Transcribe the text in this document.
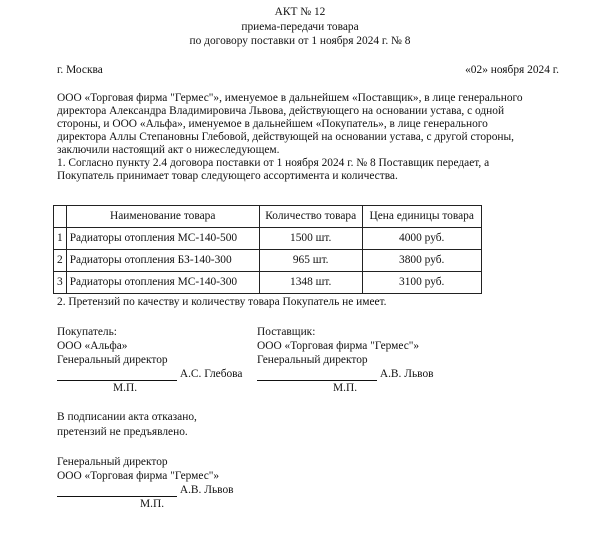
АКТ № 12
приема-передачи товара
по договору поставки от 1 ноября 2024 г. № 8
г. Москва	«02» ноября 2024 г.
ООО «Торговая фирма "Гермес"», именуемое в дальнейшем «Поставщик», в лице генерального
директора Александра Владимировича Львова, действующего на основании устава, с одной
стороны, и ООО «Альфа», именуемое в дальнейшем «Покупатель», в лице генерального
директора Аллы Степановны Глебовой, действующей на основании устава, с другой стороны,
заключили настоящий акт о нижеследующем.
1. Согласно пункту 2.4 договора поставки от 1 ноября 2024 г. № 8 Поставщик передает, а
Покупатель принимает товар следующего ассортимента и количества.
	Наименование товара	Количество товара	Цена единицы товара
1	Радиаторы отопления МС-140-500	1500 шт.	4000 руб.
2	Радиаторы отопления БЗ-140-300	965 шт.	3800 руб.
3	Радиаторы отопления МС-140-300	1348 шт.	3100 руб.
2. Претензий по качеству и количеству товара Покупатель не имеет.
Покупатель:
ООО «Альфа»
Генеральный директор
А.С. Глебова
М.П.
Поставщик:
ООО «Торговая фирма "Гермес"»
Генеральный директор
А.В. Львов
М.П.
В подписании акта отказано,
претензий не предъявлено.
Генеральный директор
ООО «Торговая фирма "Гермес"»
А.В. Львов
М.П.
